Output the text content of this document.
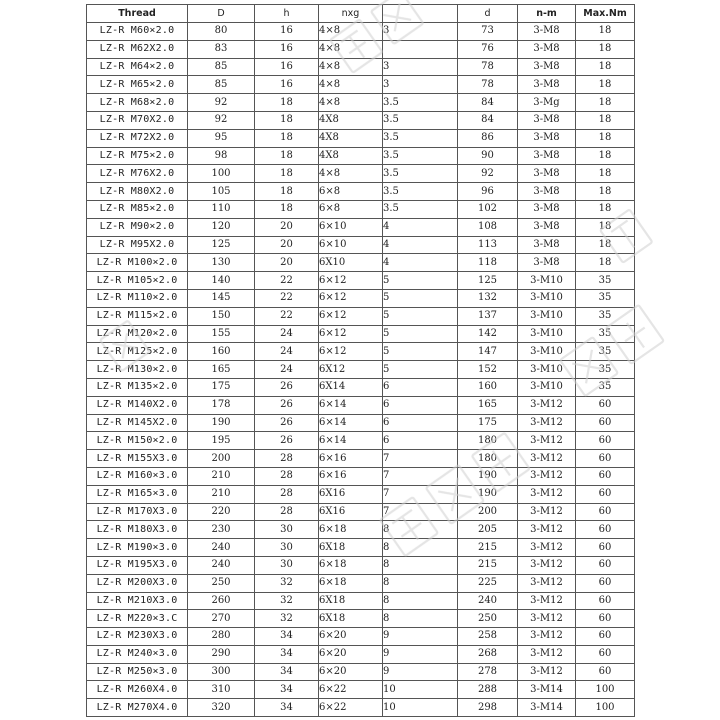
Thread	D	h	nxg		d	n-m	Max.Nm
LZ-R M60×2.0	80	16	4×8	3	73	3-M8	18
LZ-R M62X2.0	83	16	4×8		76	3-M8	18
LZ-R M64×2.0	85	16	4×8	3	78	3-M8	18
LZ-R M65×2.0	85	16	4×8	3	78	3-M8	18
LZ-R M68×2.0	92	18	4×8	3.5	84	3-Mg	18
LZ-R M70X2.0	92	18	4X8	3.5	84	3-M8	18
LZ-R M72X2.0	95	18	4X8	3.5	86	3-M8	18
LZ-R M75×2.0	98	18	4X8	3.5	90	3-M8	18
LZ-R M76X2.0	100	18	4×8	3.5	92	3-M8	18
LZ-R M80X2.0	105	18	6×8	3.5	96	3-M8	18
LZ-R M85×2.0	110	18	6×8	3.5	102	3-M8	18
LZ-R M90×2.0	120	20	6×10	4	108	3-M8	18
LZ-R M95X2.0	125	20	6×10	4	113	3-M8	18
LZ-R M100×2.0	130	20	6X10	4	118	3-M8	18
LZ-R M105×2.0	140	22	6×12	5	125	3-M10	35
LZ-R M110×2.0	145	22	6×12	5	132	3-M10	35
LZ-R M115×2.0	150	22	6×12	5	137	3-M10	35
LZ-R M120×2.0	155	24	6×12	5	142	3-M10	35
LZ-R M125×2.0	160	24	6×12	5	147	3-M10	35
LZ-R M130×2.0	165	24	6X12	5	152	3-M10	35
LZ-R M135×2.0	175	26	6X14	6	160	3-M10	35
LZ-R M140X2.0	178	26	6×14	6	165	3-M12	60
LZ-R M145X2.0	190	26	6×14	6	175	3-M12	60
LZ-R M150×2.0	195	26	6×14	6	180	3-M12	60
LZ-R M155X3.0	200	28	6×16	7	180	3-M12	60
LZ-R M160×3.0	210	28	6×16	7	190	3-M12	60
LZ-R M165×3.0	210	28	6X16	7	190	3-M12	60
LZ-R M170X3.0	220	28	6X16	7	200	3-M12	60
LZ-R M180X3.0	230	30	6×18	8	205	3-M12	60
LZ-R M190×3.0	240	30	6X18	8	215	3-M12	60
LZ-R M195X3.0	240	30	6×18	8	215	3-M12	60
LZ-R M200X3.0	250	32	6×18	8	225	3-M12	60
LZ-R M210X3.0	260	32	6X18	8	240	3-M12	60
LZ-R M220×3.C	270	32	6X18	8	250	3-M12	60
LZ-R M230X3.0	280	34	6×20	9	258	3-M12	60
LZ-R M240×3.0	290	34	6×20	9	268	3-M12	60
LZ-R M250×3.0	300	34	6×20	9	278	3-M12	60
LZ-R M260X4.0	310	34	6×22	10	288	3-M14	100
LZ-R M270X4.0	320	34	6×22	10	298	3-M14	100
